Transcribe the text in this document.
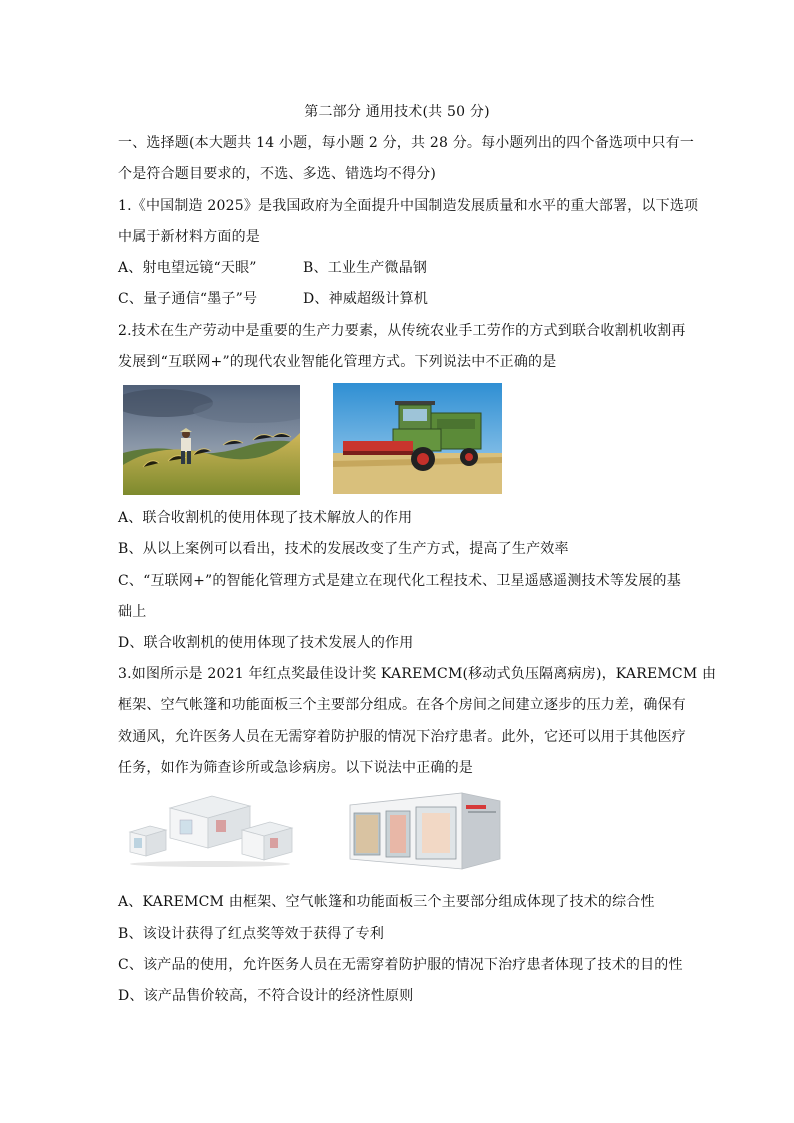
第二部分 通用技术(共 50 分)
一、选择题(本大题共 14 小题，每小题 2 分，共 28 分。每小题列出的四个备选项中只有一
个是符合题目要求的，不选、多选、错选均不得分)
1.《中国制造 2025》是我国政府为全面提升中国制造发展质量和水平的重大部署，以下选项
中属于新材料方面的是
A、射电望远镜“天眼”	B、工业生产微晶钢
C、量子通信“墨子”号	D、神威超级计算机
2.技术在生产劳动中是重要的生产力要素，从传统农业手工劳作的方式到联合收割机收割再
发展到“互联网+”的现代农业智能化管理方式。下列说法中不正确的是
A、联合收割机的使用体现了技术解放人的作用
B、从以上案例可以看出，技术的发展改变了生产方式，提高了生产效率
C、“互联网+”的智能化管理方式是建立在现代化工程技术、卫星遥感遥测技术等发展的基
础上
D、联合收割机的使用体现了技术发展人的作用
3.如图所示是 2021 年红点奖最佳设计奖 KAREMCM(移动式负压隔离病房)，KAREMCM 由
框架、空气帐篷和功能面板三个主要部分组成。在各个房间之间建立逐步的压力差，确保有
效通风，允许医务人员在无需穿着防护服的情况下治疗患者。此外，它还可以用于其他医疗
任务，如作为筛查诊所或急诊病房。以下说法中正确的是
A、KAREMCM 由框架、空气帐篷和功能面板三个主要部分组成体现了技术的综合性
B、该设计获得了红点奖等效于获得了专利
C、该产品的使用，允许医务人员在无需穿着防护服的情况下治疗患者体现了技术的目的性
D、该产品售价较高，不符合设计的经济性原则
